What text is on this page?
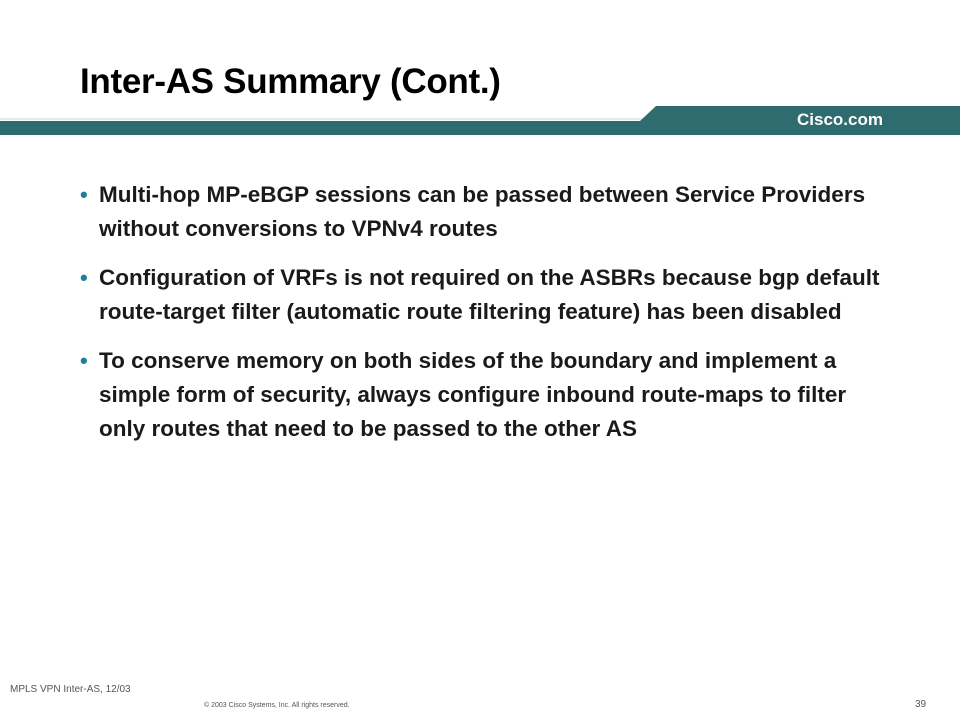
Inter-AS Summary (Cont.)
Cisco.com
• Multi-hop MP-eBGP sessions can be passed between Service Providers without conversions to VPNv4 routes
• Configuration of VRFs is not required on the ASBRs because bgp default route-target filter (automatic route filtering feature) has been disabled
• To conserve memory on both sides of the boundary and implement a simple form of security, always configure inbound route-maps to filter only routes that need to be passed to the other AS
MPLS VPN Inter-AS, 12/03
© 2003 Cisco Systems, Inc. All rights reserved.	39
